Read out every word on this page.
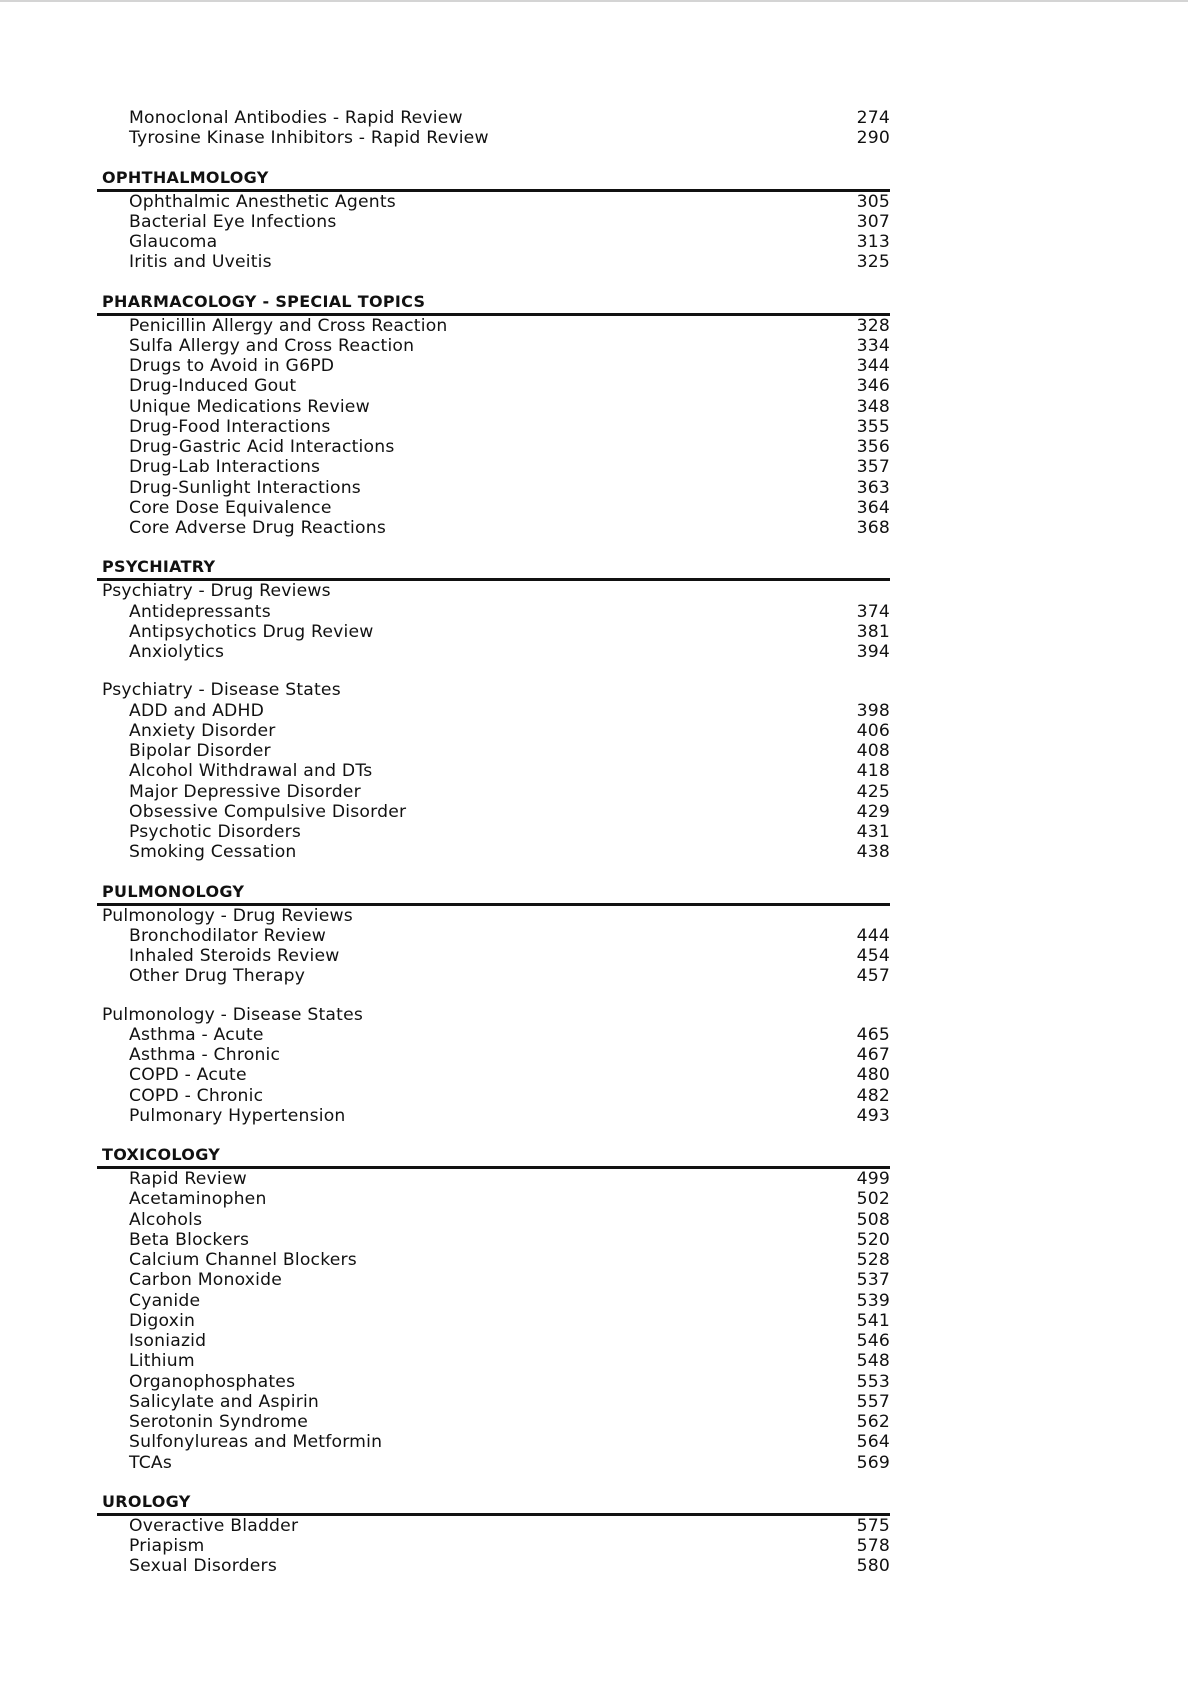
Monoclonal Antibodies - Rapid Review	274
Tyrosine Kinase Inhibitors - Rapid Review	290
OPHTHALMOLOGY
Ophthalmic Anesthetic Agents	305
Bacterial Eye Infections	307
Glaucoma	313
Iritis and Uveitis	325
PHARMACOLOGY - SPECIAL TOPICS
Penicillin Allergy and Cross Reaction	328
Sulfa Allergy and Cross Reaction	334
Drugs to Avoid in G6PD	344
Drug-Induced Gout	346
Unique Medications Review	348
Drug-Food Interactions	355
Drug-Gastric Acid Interactions	356
Drug-Lab Interactions	357
Drug-Sunlight Interactions	363
Core Dose Equivalence	364
Core Adverse Drug Reactions	368
PSYCHIATRY
Psychiatry - Drug Reviews
Antidepressants	374
Antipsychotics Drug Review	381
Anxiolytics	394
Psychiatry - Disease States
ADD and ADHD	398
Anxiety Disorder	406
Bipolar Disorder	408
Alcohol Withdrawal and DTs	418
Major Depressive Disorder	425
Obsessive Compulsive Disorder	429
Psychotic Disorders	431
Smoking Cessation	438
PULMONOLOGY
Pulmonology - Drug Reviews
Bronchodilator Review	444
Inhaled Steroids Review	454
Other Drug Therapy	457
Pulmonology - Disease States
Asthma - Acute	465
Asthma - Chronic	467
COPD - Acute	480
COPD - Chronic	482
Pulmonary Hypertension	493
TOXICOLOGY
Rapid Review	499
Acetaminophen	502
Alcohols	508
Beta Blockers	520
Calcium Channel Blockers	528
Carbon Monoxide	537
Cyanide	539
Digoxin	541
Isoniazid	546
Lithium	548
Organophosphates	553
Salicylate and Aspirin	557
Serotonin Syndrome	562
Sulfonylureas and Metformin	564
TCAs	569
UROLOGY
Overactive Bladder	575
Priapism	578
Sexual Disorders	580
